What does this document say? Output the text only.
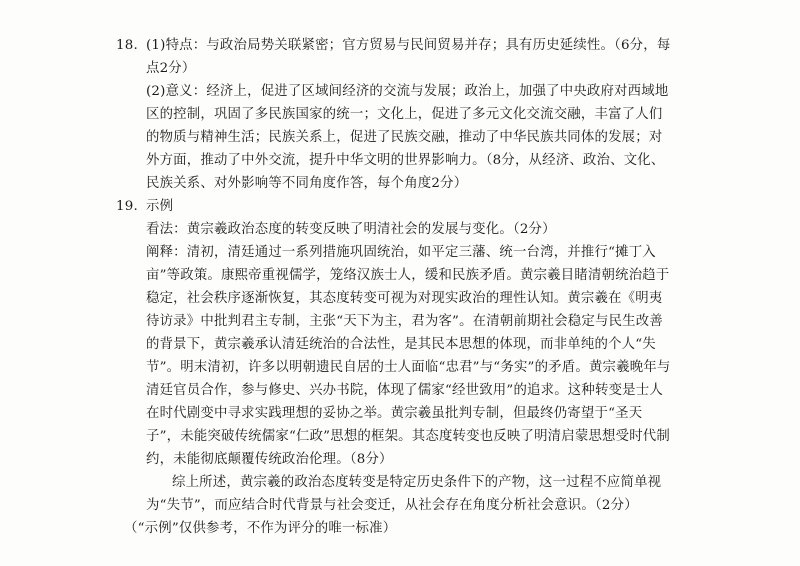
18. (1)特点：与政治局势关联紧密；官方贸易与民间贸易并存；具有历史延续性。（6分，每点2分）

(2)意义：经济上，促进了区域间经济的交流与发展；政治上，加强了中央政府对西域地区的控制，巩固了多民族国家的统一；文化上，促进了多元文化交流交融，丰富了人们的物质与精神生活；民族关系上，促进了民族交融，推动了中华民族共同体的发展；对外方面，推动了中外交流，提升中华文明的世界影响力。（8分，从经济、政治、文化、民族关系、对外影响等不同角度作答，每个角度2分）

19. 示例

看法：黄宗羲政治态度的转变反映了明清社会的发展与变化。（2分）

阐释：清初，清廷通过一系列措施巩固统治，如平定三藩、统一台湾，并推行“摊丁入亩”等政策。康熙帝重视儒学，笼络汉族士人，缓和民族矛盾。黄宗羲目睹清朝统治趋于稳定，社会秩序逐渐恢复，其态度转变可视为对现实政治的理性认知。黄宗羲在《明夷待访录》中批判君主专制，主张“天下为主，君为客”。在清朝前期社会稳定与民生改善的背景下，黄宗羲承认清廷统治的合法性，是其民本思想的体现，而非单纯的个人“失节”。明末清初，许多以明朝遗民自居的士人面临“忠君”与“务实”的矛盾。黄宗羲晚年与清廷官员合作，参与修史、兴办书院，体现了儒家“经世致用”的追求。这种转变是士人在时代剧变中寻求实践理想的妥协之举。黄宗羲虽批判专制，但最终仍寄望于“圣天子”，未能突破传统儒家“仁政”思想的框架。其态度转变也反映了明清启蒙思想受时代制约，未能彻底颠覆传统政治伦理。（8分）

综上所述，黄宗羲的政治态度转变是特定历史条件下的产物，这一过程不应简单视为“失节”，而应结合时代背景与社会变迁，从社会存在角度分析社会意识。（2分）

（“示例”仅供参考，不作为评分的唯一标准）
